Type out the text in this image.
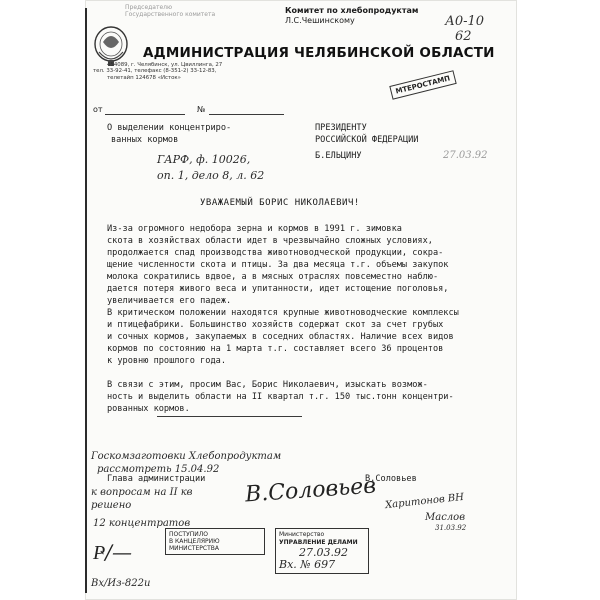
Председателю
Государственного комитета	Комитет по хлебопродуктам
Л.С.Чешинскому	А0-10
62
АДМИНИСТРАЦИЯ ЧЕЛЯБИНСКОЙ ОБЛАСТИ
454089, г. Челябинск, ул. Цвиллинга, 27
тел. 33-92-41, телефакс (8-351-2) 33-12-83,
телетайп 124678 «Исток»	МТЕРОСТАМП
от	№
О выделении концентриро-
ванных кормов
ПРЕЗИДЕНТУ
РОССИЙСКОЙ ФЕДЕРАЦИИ
Б.ЕЛЬЦИНУ	27.03.92
ГАРФ, ф. 10026,
оп. 1, дело 8, л. 62
УВАЖАЕМЫЙ БОРИС НИКОЛАЕВИЧ!
Из-за огромного недобора зерна и кормов в 1991 г. зимовка
скота в хозяйствах области идет в чрезвычайно сложных условиях,
продолжается спад производства животноводческой продукции, сокра-
щение численности скота и птицы. За два месяца т.г. объемы закупок
молока сократились вдвое, а в мясных отраслях повсеместно наблю-
дается потеря живого веса и упитанности, идет истощение поголовья,
увеличивается его падеж.
В критическом положении находятся крупные животноводческие комплексы
и птицефабрики. Большинство хозяйств содержат скот за счет грубых
и сочных кормов, закупаемых в соседних областях. Наличие всех видов
кормов по состоянию на 1 марта т.г. составляет всего 36 процентов
к уровню прошлого года.
В связи с этим, просим Вас, Борис Николаевич, изыскать возмож-
ность и выделить области на II квартал т.г. 150 тыс.тонн концентри-
рованных кормов.
Госкомзаготовки Хлебопродуктам
рассмотреть 15.04.92
Глава администрации
к вопросам на II кв
решено	В.Соловьев
В.Соловьев
Харитонов ВН
Маслов
31.03.92
12 концентратов
Ҏ∕—
ПОСТУПИЛО
В КАНЦЕЛЯРИЮ
МИНИСТЕРСТВА
Министерство
УПРАВЛЕНИЕ ДЕЛАМИ
27.03.92
Вх. № 697
Вх/Из-822и
